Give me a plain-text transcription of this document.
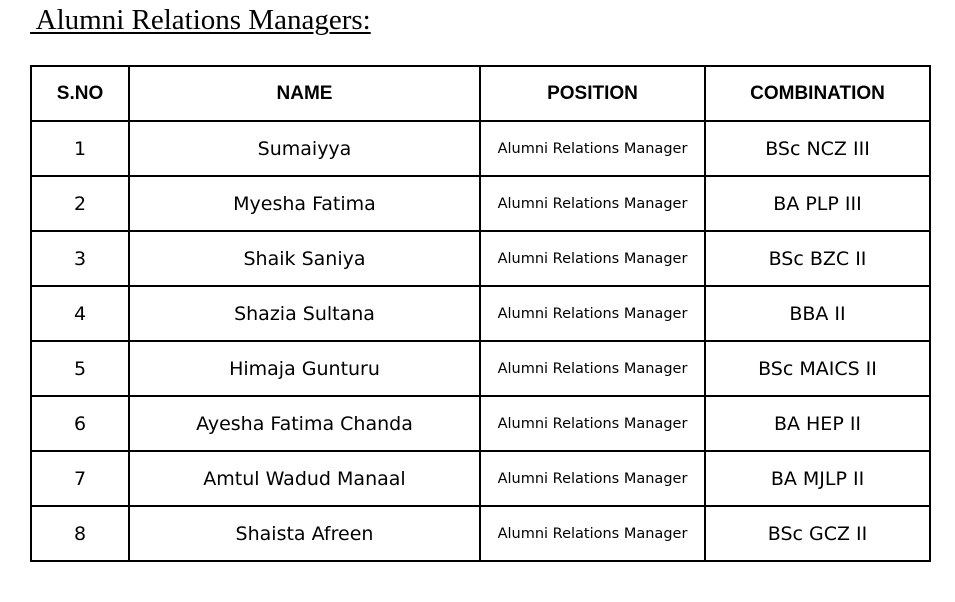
Alumni Relations Managers:
S.NO	NAME	POSITION	COMBINATION
1	Sumaiyya	Alumni Relations Manager	BSc NCZ III
2	Myesha Fatima	Alumni Relations Manager	BA PLP III
3	Shaik Saniya	Alumni Relations Manager	BSc BZC II
4	Shazia Sultana	Alumni Relations Manager	BBA II
5	Himaja Gunturu	Alumni Relations Manager	BSc MAICS II
6	Ayesha Fatima Chanda	Alumni Relations Manager	BA HEP II
7	Amtul Wadud Manaal	Alumni Relations Manager	BA MJLP II
8	Shaista Afreen	Alumni Relations Manager	BSc GCZ II
